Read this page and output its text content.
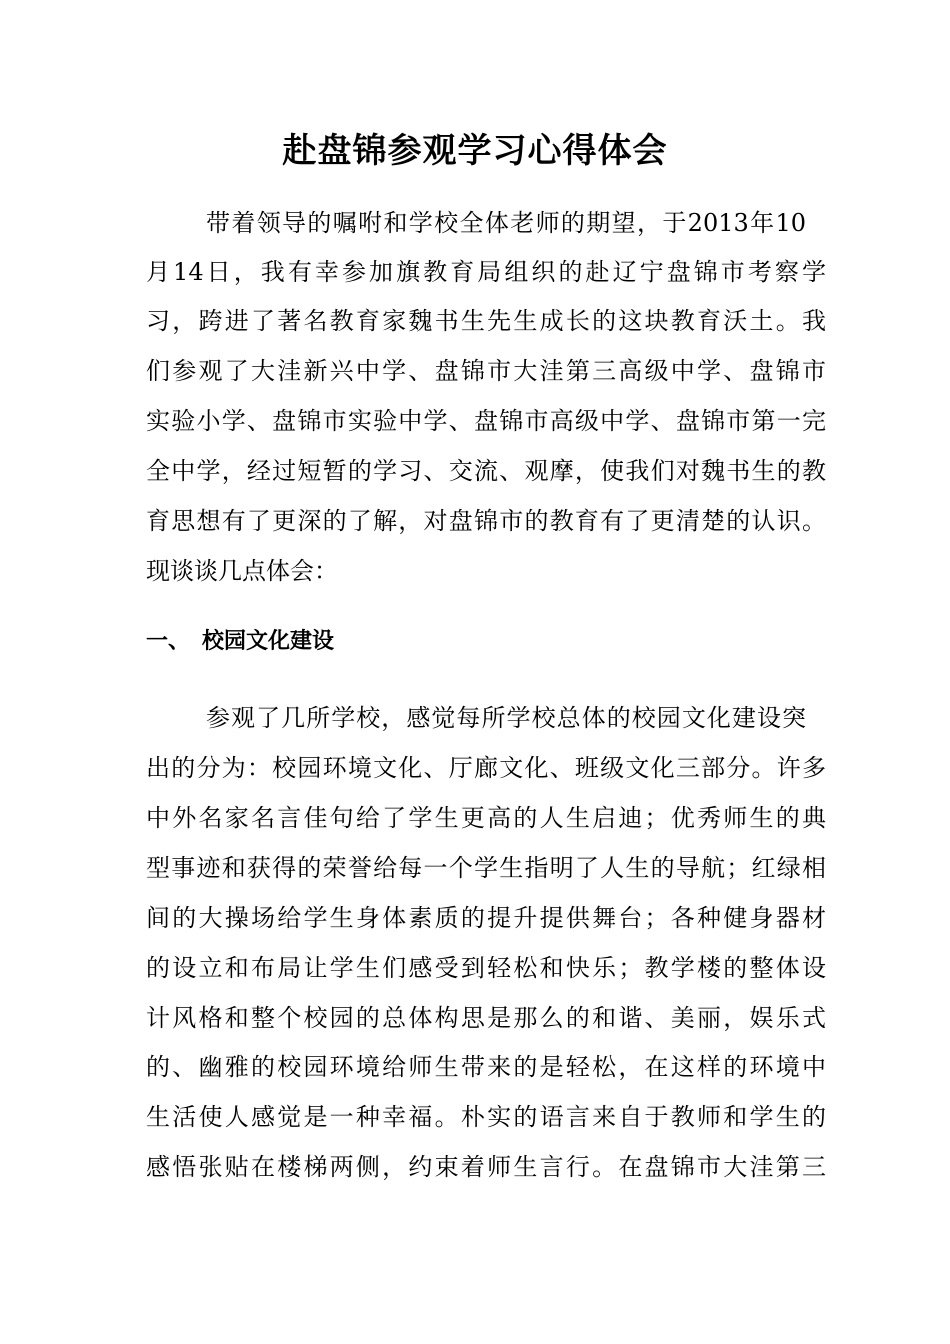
赴盘锦参观学习心得体会
带着领导的嘱咐和学校全体老师的期望，于2013年10
月14日，我有幸参加旗教育局组织的赴辽宁盘锦市考察学
习，跨进了著名教育家魏书生先生成长的这块教育沃土。我
们参观了大洼新兴中学、盘锦市大洼第三高级中学、盘锦市
实验小学、盘锦市实验中学、盘锦市高级中学、盘锦市第一完
全中学，经过短暂的学习、交流、观摩，使我们对魏书生的教
育思想有了更深的了解，对盘锦市的教育有了更清楚的认识。
现谈谈几点体会：
一、 校园文化建设
参观了几所学校，感觉每所学校总体的校园文化建设突
出的分为：校园环境文化、厅廊文化、班级文化三部分。许多
中外名家名言佳句给了学生更高的人生启迪；优秀师生的典
型事迹和获得的荣誉给每一个学生指明了人生的导航；红绿相
间的大操场给学生身体素质的提升提供舞台；各种健身器材
的设立和布局让学生们感受到轻松和快乐；教学楼的整体设
计风格和整个校园的总体构思是那么的和谐、美丽，娱乐式
的、幽雅的校园环境给师生带来的是轻松，在这样的环境中
生活使人感觉是一种幸福。朴实的语言来自于教师和学生的
感悟张贴在楼梯两侧，约束着师生言行。在盘锦市大洼第三
